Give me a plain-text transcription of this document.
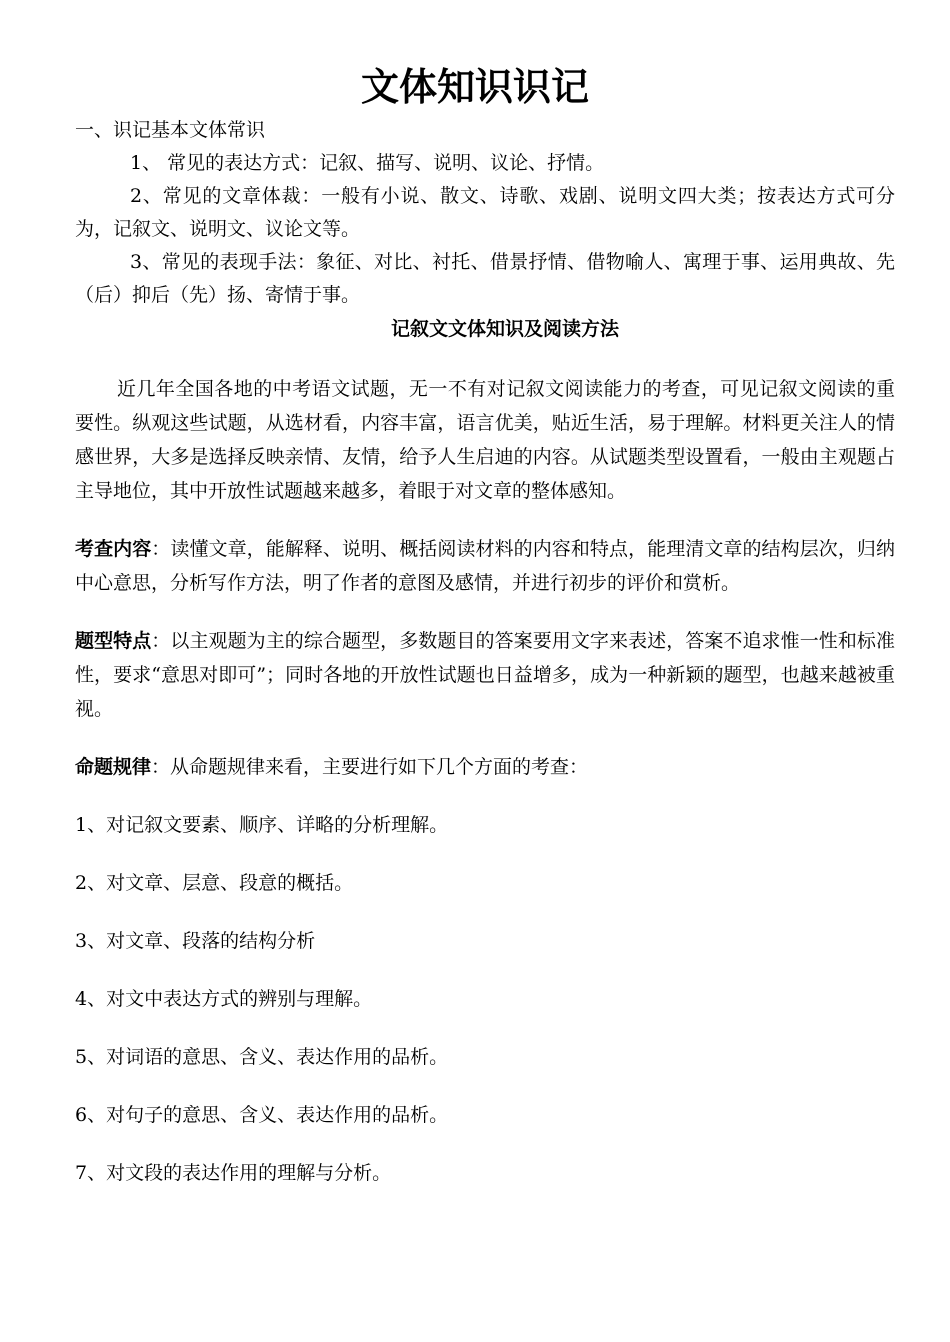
文体知识识记

一、识记基本文体常识

1、 常见的表达方式：记叙、描写、说明、议论、抒情。

2、常见的文章体裁：一般有小说、散文、诗歌、戏剧、说明文四大类；按表达方式可分为，记叙文、说明文、议论文等。

3、常见的表现手法：象征、对比、衬托、借景抒情、借物喻人、寓理于事、运用典故、先（后）抑后（先）扬、寄情于事。

记叙文文体知识及阅读方法

近几年全国各地的中考语文试题，无一不有对记叙文阅读能力的考查，可见记叙文阅读的重要性。纵观这些试题，从选材看，内容丰富，语言优美，贴近生活，易于理解。材料更关注人的情感世界，大多是选择反映亲情、友情，给予人生启迪的内容。从试题类型设置看，一般由主观题占主导地位，其中开放性试题越来越多，着眼于对文章的整体感知。

考查内容：读懂文章，能解释、说明、概括阅读材料的内容和特点，能理清文章的结构层次，归纳中心意思，分析写作方法，明了作者的意图及感情，并进行初步的评价和赏析。

题型特点：以主观题为主的综合题型，多数题目的答案要用文字来表述，答案不追求惟一性和标准性，要求“意思对即可”；同时各地的开放性试题也日益增多，成为一种新颖的题型，也越来越被重视。

命题规律：从命题规律来看，主要进行如下几个方面的考查：

1、对记叙文要素、顺序、详略的分析理解。

2、对文章、层意、段意的概括。

3、对文章、段落的结构分析

4、对文中表达方式的辨别与理解。

5、对词语的意思、含义、表达作用的品析。

6、对句子的意思、含义、表达作用的品析。

7、对文段的表达作用的理解与分析。
